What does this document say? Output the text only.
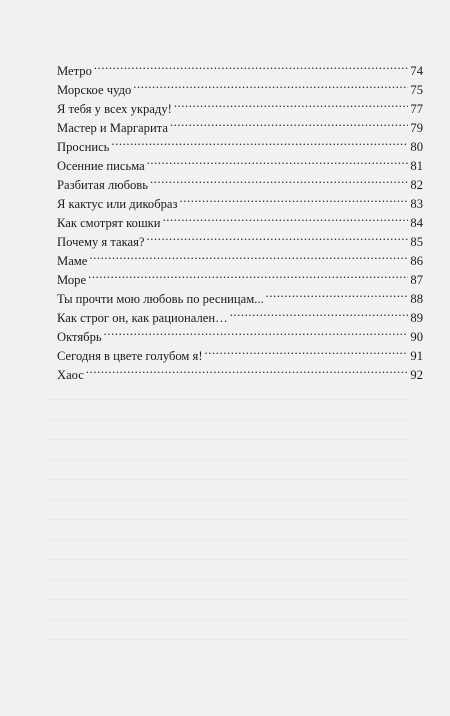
Метро .....	74
Морское чудо .....	75
Я тебя у всех украду! .....	77
Мастер и Маргарита .....	79
Проснись .....	80
Осенние письма .....	81
Разбитая любовь .....	82
Я кактус или дикобраз .....	83
Как смотрят кошки .....	84
Почему я такая? .....	85
Маме .....	86
Море .....	87
Ты прочти мою любовь по ресницам... .....	88
Как строг он, как рационален… .....	89
Октябрь .....	90
Сегодня в цвете голубом я! .....	91
Хаос .....	92
